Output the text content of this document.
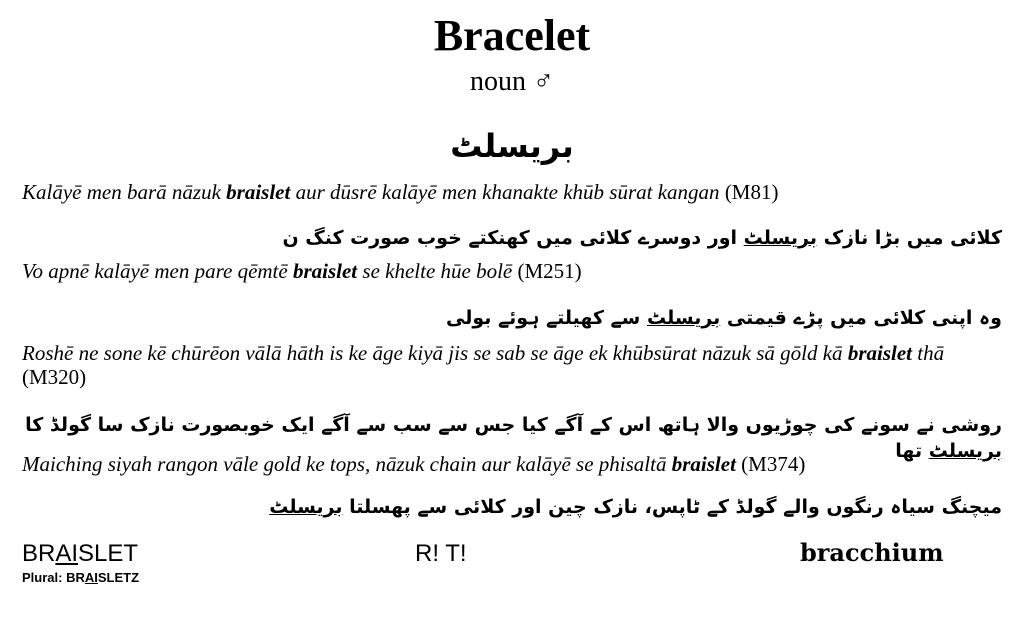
Bracelet
noun ♂
بریسلٹ
Kalāyē men barā nāzuk braislet aur dūsrē kalāyē men khanakte khūb sūrat kangan (M81)
کلائی میں بڑا نازک بریسلٹ اور دوسرے کلائی میں کھنکتے خوب صورت کنگ ن
Vo apnē kalāyē men pare qēmtē braislet se khelte hūe bolē (M251)
وہ اپنی کلائی میں پڑے قیمتی بریسلٹ سے کھیلتے ہوئے بولی
Roshē ne sone kē chūrēon vālā hāth is ke āge kiyā jis se sab se āge ek khūbsūrat nāzuk sā gōld kā braislet thā (M320)
روشی نے سونے کی چوڑیوں والا ہاتھ اس کے آگے کیا جس سے سب سے آگے ایک خوبصورت نازک سا گولڈ کا بریسلٹ تھا
Maiching siyah rangon vāle gold ke tops, nāzuk chain aur kalāyē se phisaltā braislet (M374)
میچنگ سیاہ رنگوں والے گولڈ کے ٹاپس، نازک چین اور کلائی سے پھسلتا بریسلٹ
BRAISLET
Plural: BRAISLETZ
R! T!	bracchium
